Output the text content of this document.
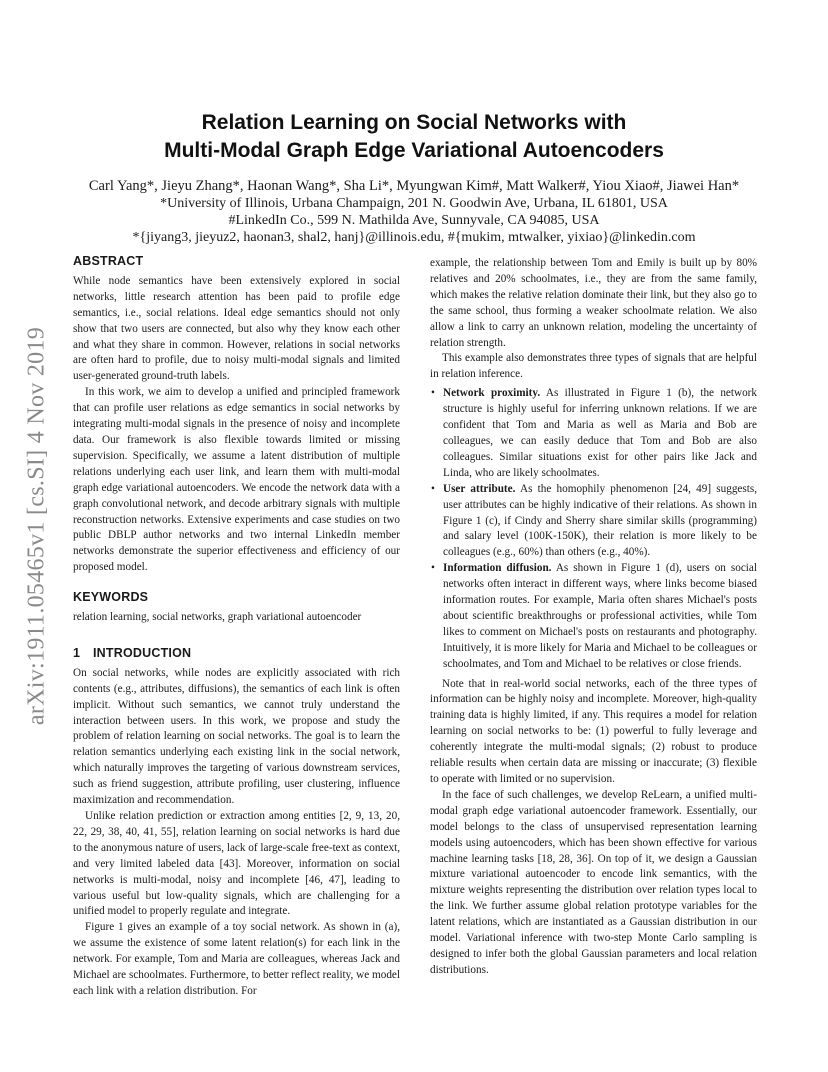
arXiv:1911.05465v1 [cs.SI] 4 Nov 2019
Relation Learning on Social Networks with
Multi-Modal Graph Edge Variational Autoencoders
Carl Yang*, Jieyu Zhang*, Haonan Wang*, Sha Li*, Myungwan Kim#, Matt Walker#, Yiou Xiao#, Jiawei Han*
*University of Illinois, Urbana Champaign, 201 N. Goodwin Ave, Urbana, IL 61801, USA
#LinkedIn Co., 599 N. Mathilda Ave, Sunnyvale, CA 94085, USA
*{jiyang3, jieyuz2, haonan3, shal2, hanj}@illinois.edu, #{mukim, mtwalker, yixiao}@linkedin.com
ABSTRACT

While node semantics have been extensively explored in social networks, little research attention has been paid to profile edge semantics, i.e., social relations. Ideal edge semantics should not only show that two users are connected, but also why they know each other and what they share in common. However, relations in social networks are often hard to profile, due to noisy multi-modal signals and limited user-generated ground-truth labels.

In this work, we aim to develop a unified and principled framework that can profile user relations as edge semantics in social networks by integrating multi-modal signals in the presence of noisy and incomplete data. Our framework is also flexible towards limited or missing supervision. Specifically, we assume a latent distribution of multiple relations underlying each user link, and learn them with multi-modal graph edge variational autoencoders. We encode the network data with a graph convolutional network, and decode arbitrary signals with multiple reconstruction networks. Extensive experiments and case studies on two public DBLP author networks and two internal LinkedIn member networks demonstrate the superior effectiveness and efficiency of our proposed model.

KEYWORDS

relation learning, social networks, graph variational autoencoder

1 INTRODUCTION

On social networks, while nodes are explicitly associated with rich contents (e.g., attributes, diffusions), the semantics of each link is often implicit. Without such semantics, we cannot truly understand the interaction between users. In this work, we propose and study the problem of relation learning on social networks. The goal is to learn the relation semantics underlying each existing link in the social network, which naturally improves the targeting of various downstream services, such as friend suggestion, attribute profiling, user clustering, influence maximization and recommendation.

Unlike relation prediction or extraction among entities [2, 9, 13, 20, 22, 29, 38, 40, 41, 55], relation learning on social networks is hard due to the anonymous nature of users, lack of large-scale free-text as context, and very limited labeled data [43]. Moreover, information on social networks is multi-modal, noisy and incomplete [46, 47], leading to various useful but low-quality signals, which are challenging for a unified model to properly regulate and integrate.

Figure 1 gives an example of a toy social network. As shown in (a), we assume the existence of some latent relation(s) for each link in the network. For example, Tom and Maria are colleagues, whereas Jack and Michael are schoolmates. Furthermore, to better reflect reality, we model each link with a relation distribution. For

example, the relationship between Tom and Emily is built up by 80% relatives and 20% schoolmates, i.e., they are from the same family, which makes the relative relation dominate their link, but they also go to the same school, thus forming a weaker schoolmate relation. We also allow a link to carry an unknown relation, modeling the uncertainty of relation strength.

This example also demonstrates three types of signals that are helpful in relation inference.

• Network proximity. As illustrated in Figure 1 (b), the network structure is highly useful for inferring unknown relations. If we are confident that Tom and Maria as well as Maria and Bob are colleagues, we can easily deduce that Tom and Bob are also colleagues. Similar situations exist for other pairs like Jack and Linda, who are likely schoolmates.
• User attribute. As the homophily phenomenon [24, 49] suggests, user attributes can be highly indicative of their relations. As shown in Figure 1 (c), if Cindy and Sherry share similar skills (programming) and salary level (100K-150K), their relation is more likely to be colleagues (e.g., 60%) than others (e.g., 40%).
• Information diffusion. As shown in Figure 1 (d), users on social networks often interact in different ways, where links become biased information routes. For example, Maria often shares Michael's posts about scientific breakthroughs or professional activities, while Tom likes to comment on Michael's posts on restaurants and photography. Intuitively, it is more likely for Maria and Michael to be colleagues or schoolmates, and Tom and Michael to be relatives or close friends.

Note that in real-world social networks, each of the three types of information can be highly noisy and incomplete. Moreover, high-quality training data is highly limited, if any. This requires a model for relation learning on social networks to be: (1) powerful to fully leverage and coherently integrate the multi-modal signals; (2) robust to produce reliable results when certain data are missing or inaccurate; (3) flexible to operate with limited or no supervision.

In the face of such challenges, we develop ReLearn, a unified multi-modal graph edge variational autoencoder framework. Essentially, our model belongs to the class of unsupervised representation learning models using autoencoders, which has been shown effective for various machine learning tasks [18, 28, 36]. On top of it, we design a Gaussian mixture variational autoencoder to encode link semantics, with the mixture weights representing the distribution over relation types local to the link. We further assume global relation prototype variables for the latent relations, which are instantiated as a Gaussian distribution in our model. Variational inference with two-step Monte Carlo sampling is designed to infer both the global Gaussian parameters and local relation distributions.
